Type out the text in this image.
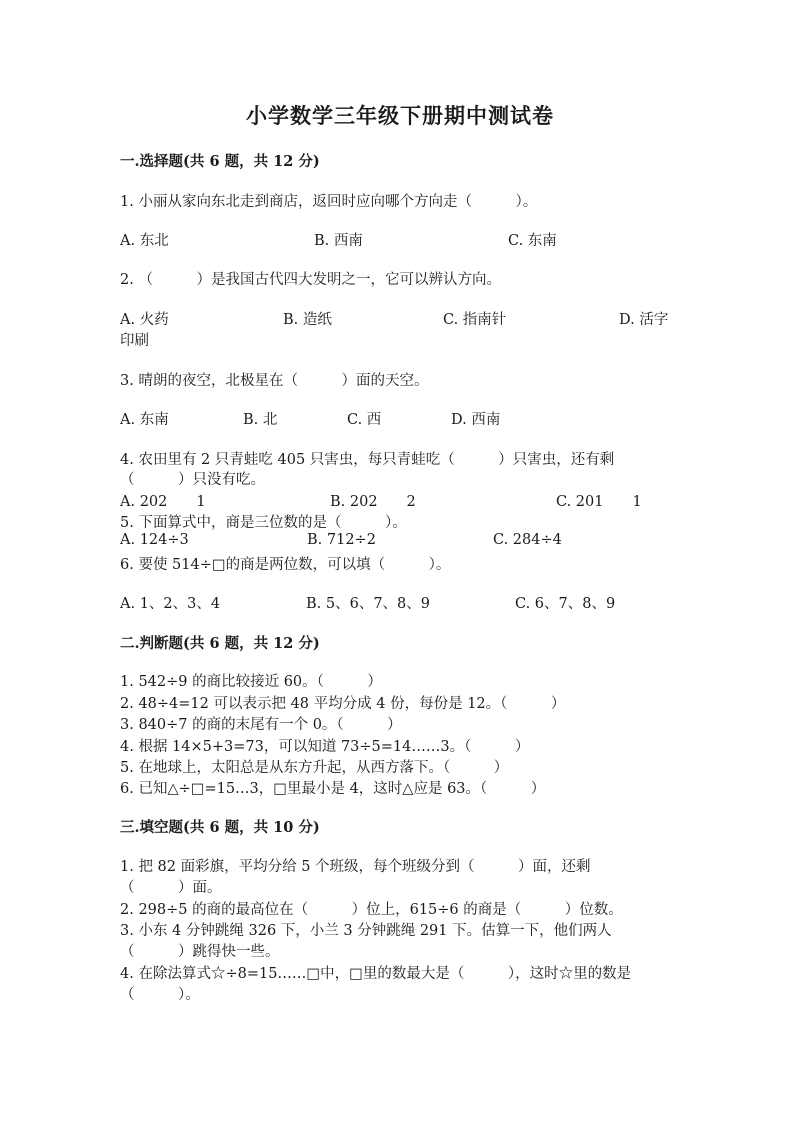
小学数学三年级下册期中测试卷
一.选择题(共 6 题，共 12 分)
1. 小丽从家向东北走到商店，返回时应向哪个方向走（　　　）。
A. 东北	B. 西南	C. 东南
2. （　　　）是我国古代四大发明之一，它可以辨认方向。
A. 火药	B. 造纸	C. 指南针	D. 活字
印刷
3. 晴朗的夜空，北极星在（　　　）面的天空。
A. 东南	B. 北	C. 西	D. 西南
4. 农田里有 2 只青蛙吃 405 只害虫，每只青蛙吃（　　　）只害虫，还有剩
（　　　）只没有吃。
A. 202　　1	B. 202　　2	C. 201　　1
5. 下面算式中，商是三位数的是（　　　）。
A. 124÷3	B. 712÷2	C. 284÷4
6. 要使 514÷□的商是两位数，可以填（　　　）。
A. 1、2、3、4	B. 5、6、7、8、9	C. 6、7、8、9
二.判断题(共 6 题，共 12 分)
1. 542÷9 的商比较接近 60。（　　　）
2. 48÷4=12 可以表示把 48 平均分成 4 份，每份是 12。（　　　）
3. 840÷7 的商的末尾有一个 0。（　　　）
4. 根据 14×5+3=73，可以知道 73÷5=14……3。（　　　）
5. 在地球上，太阳总是从东方升起，从西方落下。（　　　）
6. 已知△÷□=15…3，□里最小是 4，这时△应是 63。（　　　）
三.填空题(共 6 题，共 10 分)
1. 把 82 面彩旗，平均分给 5 个班级，每个班级分到（　　　）面，还剩
（　　　）面。
2. 298÷5 的商的最高位在（　　　）位上，615÷6 的商是（　　　）位数。
3. 小东 4 分钟跳绳 326 下，小兰 3 分钟跳绳 291 下。估算一下，他们两人
（　　　）跳得快一些。
4. 在除法算式☆÷8=15……□中，□里的数最大是（　　　），这时☆里的数是
（　　　）。
